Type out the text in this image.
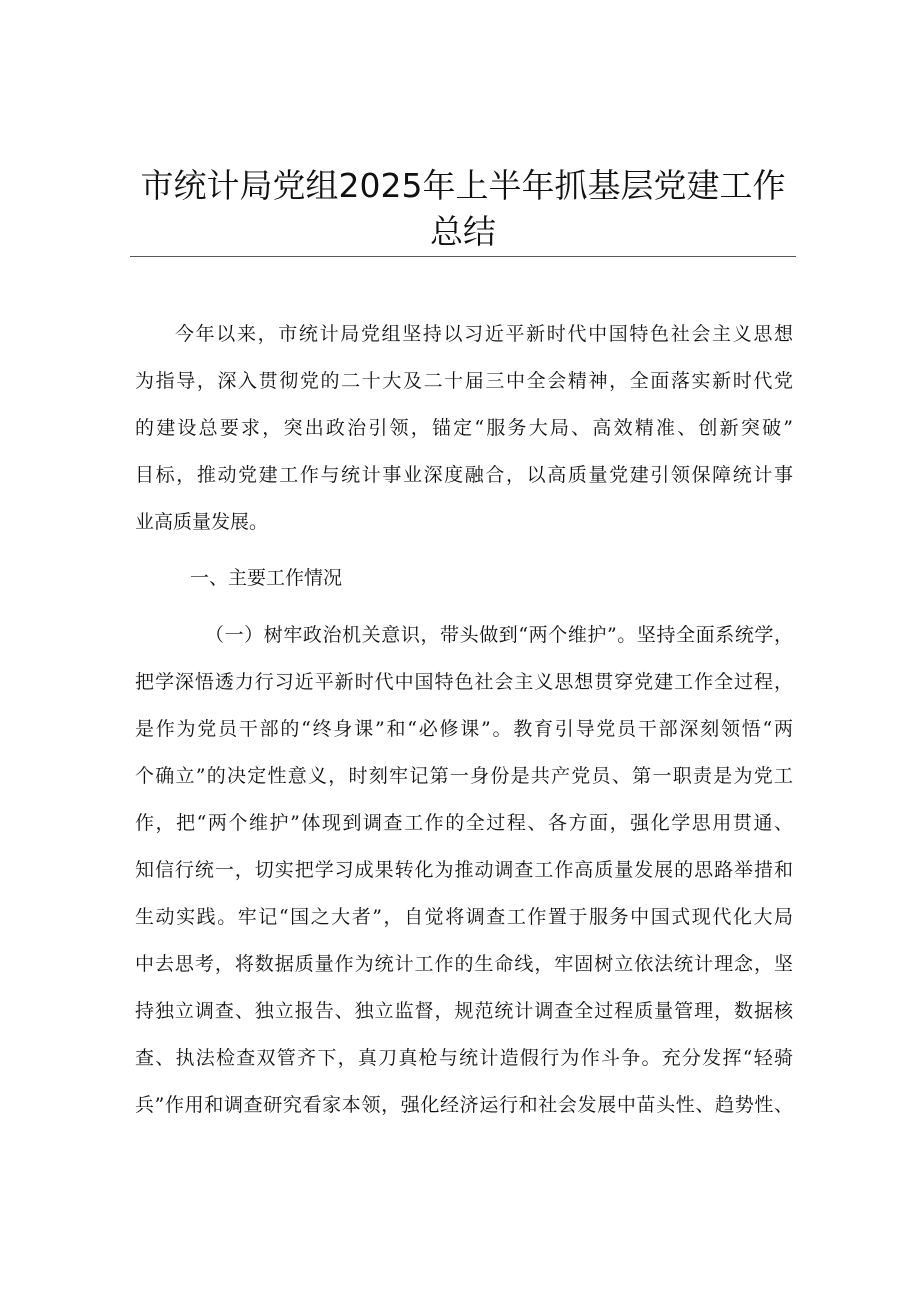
市统计局党组2025年上半年抓基层党建工作
总结
今年以来，市统计局党组坚持以习近平新时代中国特色社会主义思想
为指导，深入贯彻党的二十大及二十届三中全会精神，全面落实新时代党
的建设总要求，突出政治引领，锚定“服务大局、高效精准、创新突破”
目标，推动党建工作与统计事业深度融合，以高质量党建引领保障统计事
业高质量发展。
一、主要工作情况
（一）树牢政治机关意识，带头做到“两个维护”。坚持全面系统学，
把学深悟透力行习近平新时代中国特色社会主义思想贯穿党建工作全过程，
是作为党员干部的“终身课”和“必修课”。教育引导党员干部深刻领悟“两
个确立”的决定性意义，时刻牢记第一身份是共产党员、第一职责是为党工
作，把“两个维护”体现到调查工作的全过程、各方面，强化学思用贯通、
知信行统一，切实把学习成果转化为推动调查工作高质量发展的思路举措和
生动实践。牢记“国之大者”，自觉将调查工作置于服务中国式现代化大局
中去思考，将数据质量作为统计工作的生命线，牢固树立依法统计理念，坚
持独立调查、独立报告、独立监督，规范统计调查全过程质量管理，数据核
查、执法检查双管齐下，真刀真枪与统计造假行为作斗争。充分发挥“轻骑
兵”作用和调查研究看家本领，强化经济运行和社会发展中苗头性、趋势性、
